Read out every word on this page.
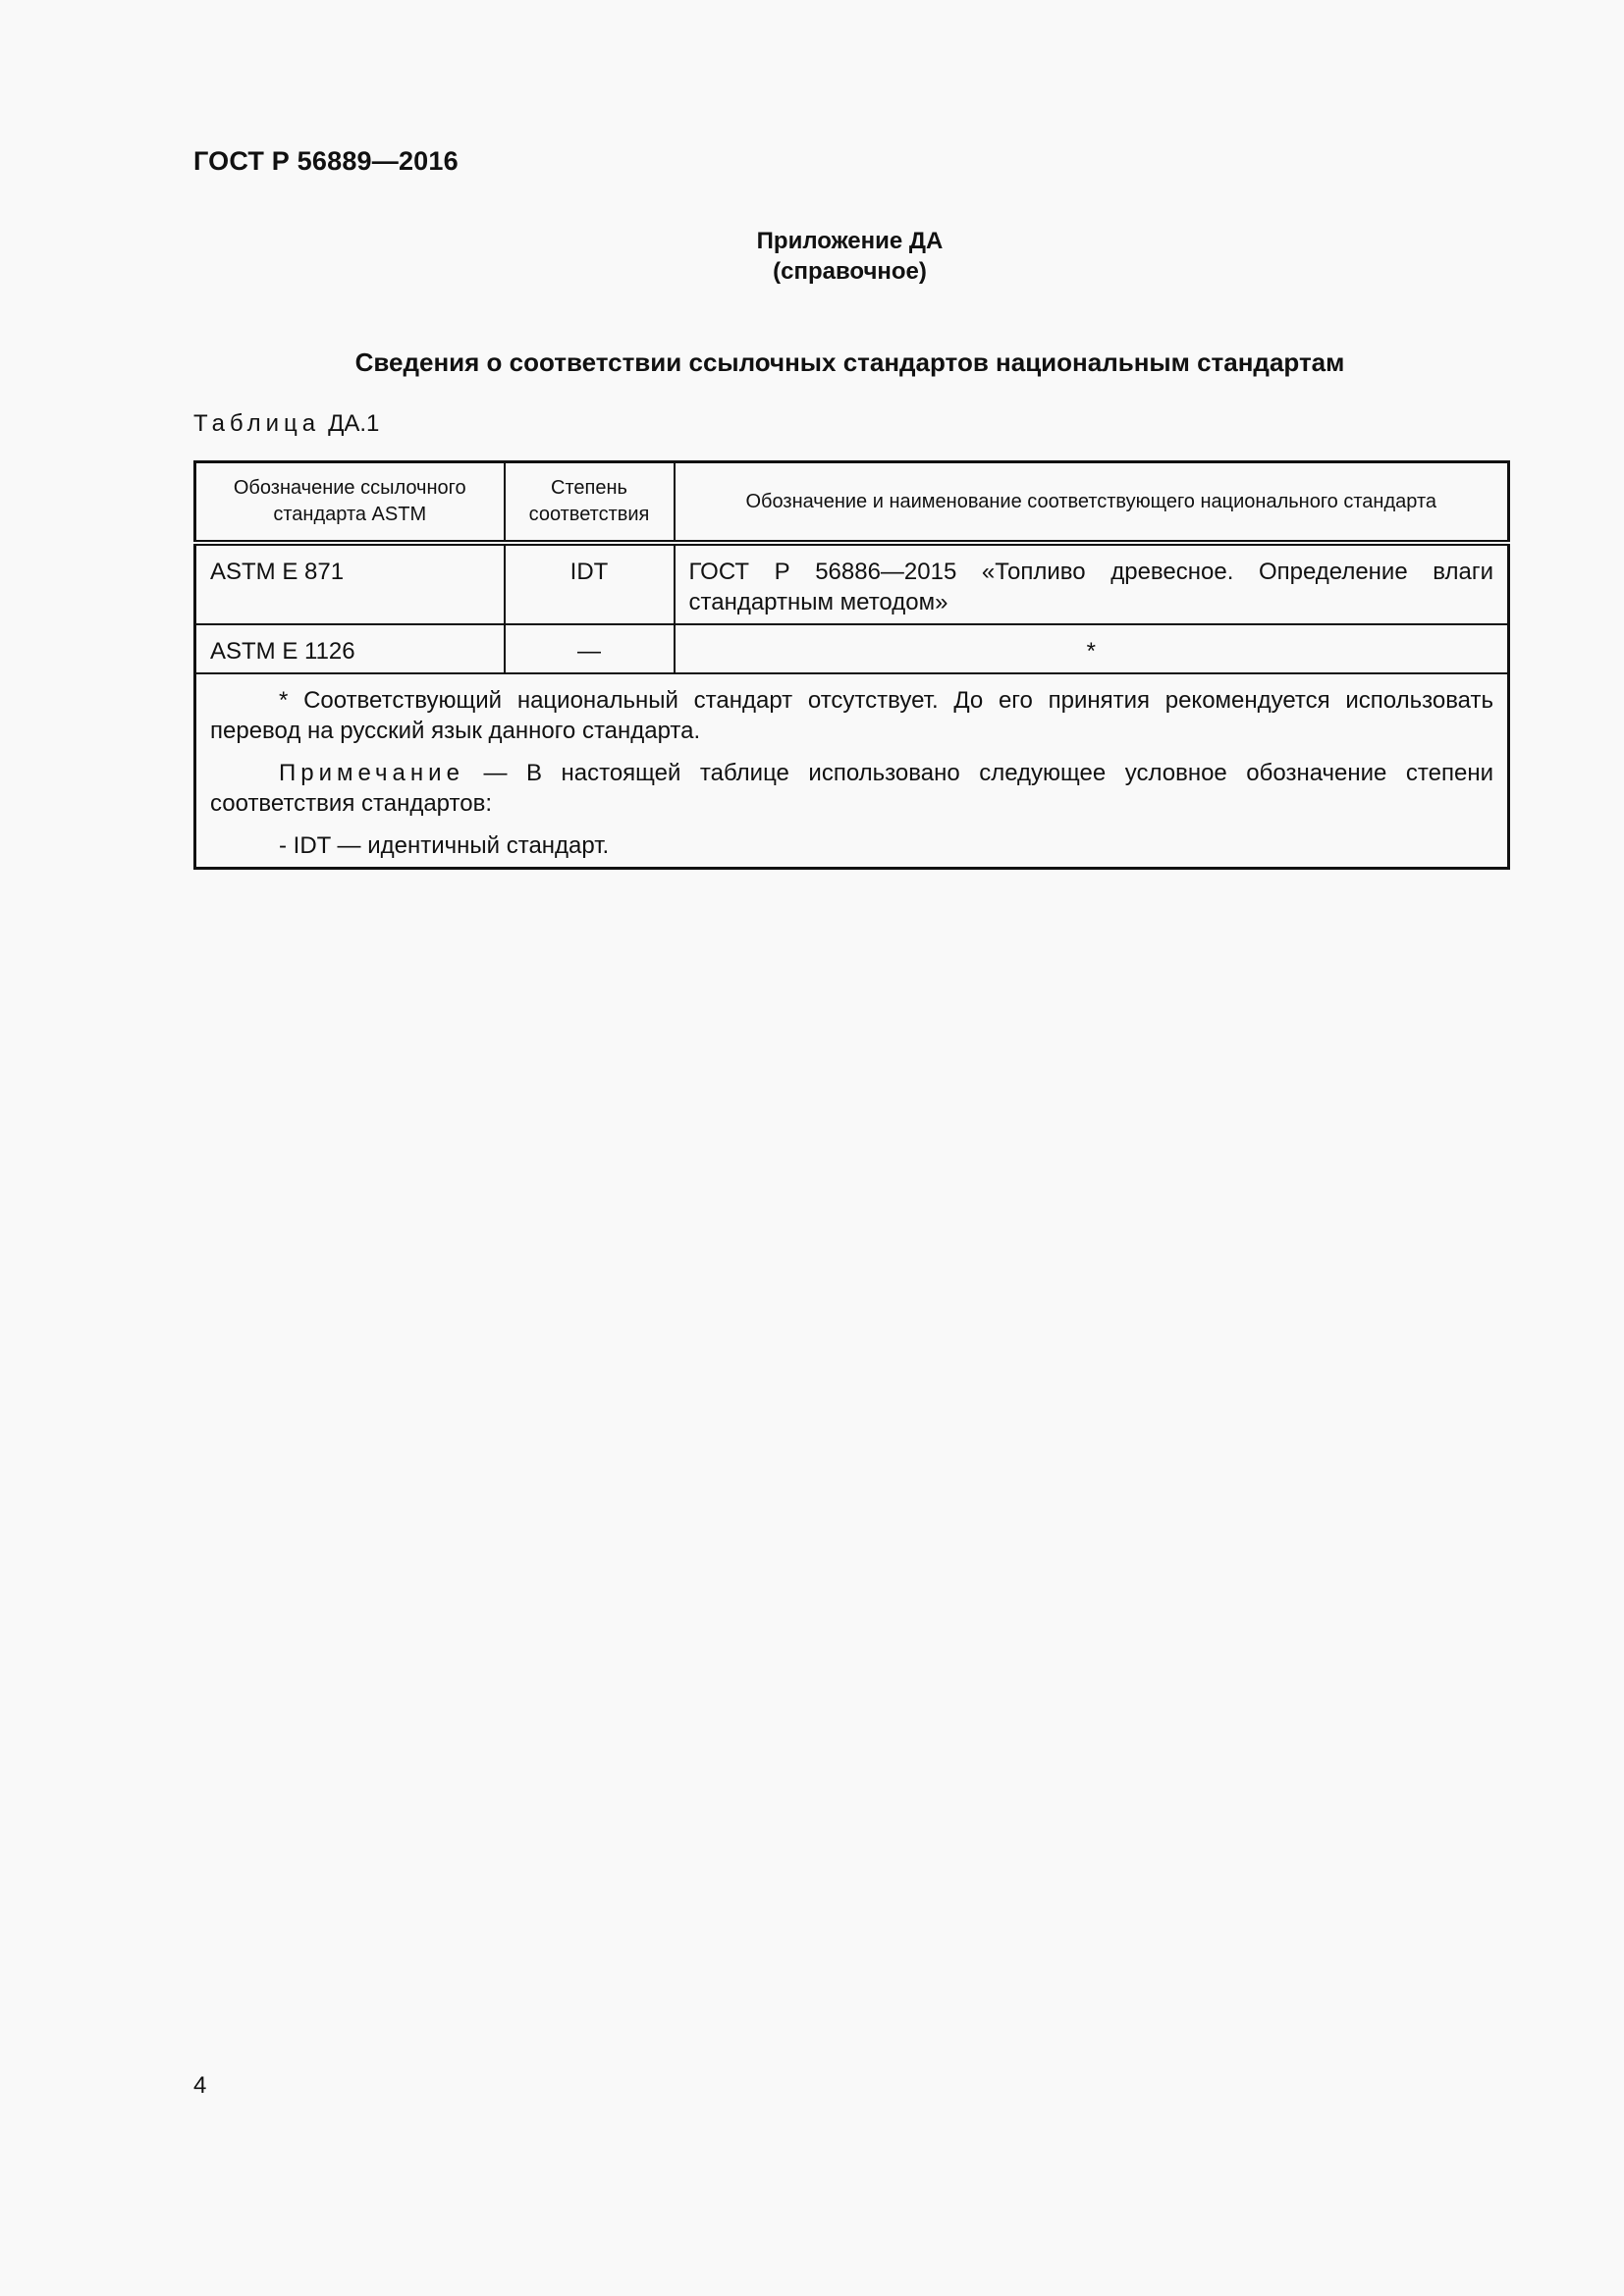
ГОСТ Р 56889—2016
Приложение ДА
(справочное)
Сведения о соответствии ссылочных стандартов национальным стандартам
Таблица ДА.1
Обозначение ссылочного стандарта ASTM	Степень соответствия	Обозначение и наименование соответствующего национального стандарта
ASTM E 871	IDT	ГОСТ Р 56886—2015 «Топливо древесное. Определение влаги стандартным методом»
ASTM E 1126	—	*

* Соответствующий национальный стандарт отсутствует. До его принятия рекомендуется использовать перевод на русский язык данного стандарта.

Примечание — В настоящей таблице использовано следующее условное обозначение степени соответствия стандартов:

- IDT — идентичный стандарт.		

4
